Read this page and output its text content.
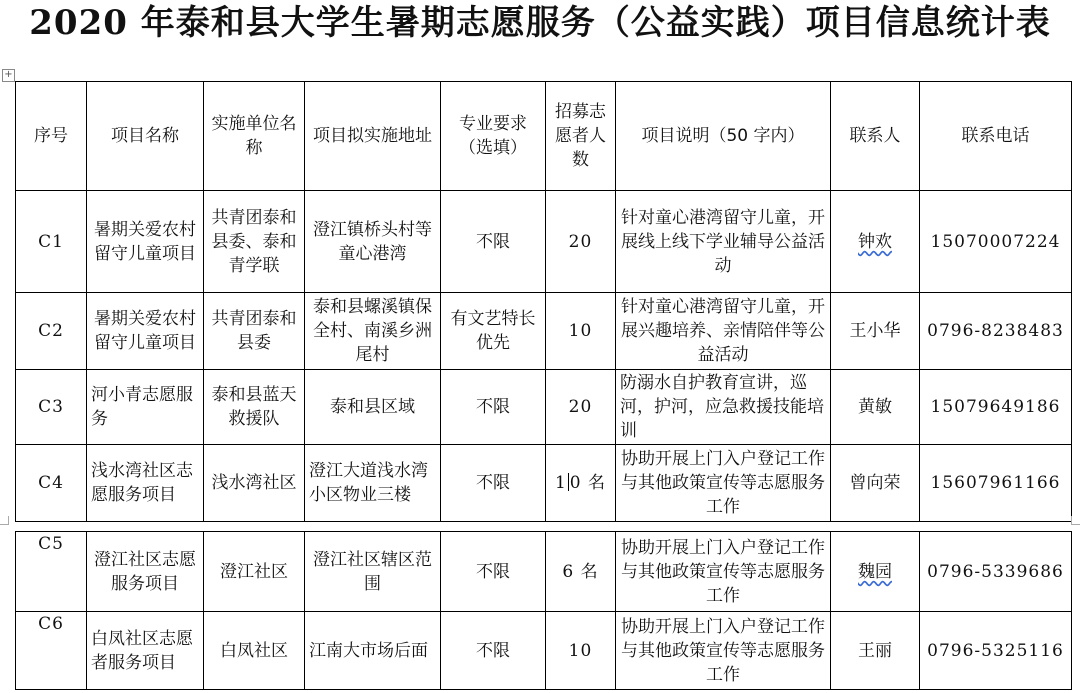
2020 年泰和县大学生暑期志愿服务（公益实践）项目信息统计表
+
序号	项目名称	实施单位名称	项目拟实施地址	专业要求（选填）	招募志愿者人数	项目说明（50 字内）	联系人	联系电话
C1	暑期关爱农村留守儿童项目	共青团泰和县委、泰和青学联	澄江镇桥头村等童心港湾	不限	20	针对童心港湾留守儿童，开展线上线下学业辅导公益活动	钟欢	15070007224
C2	暑期关爱农村留守儿童项目	共青团泰和县委	泰和县螺溪镇保全村、南溪乡洲尾村	有文艺特长优先	10	针对童心港湾留守儿童，开展兴趣培养、亲情陪伴等公益活动	王小华	0796-8238483
C3	河小青志愿服务	泰和县蓝天救援队	泰和县区域	不限	20	防溺水自护教育宣讲，巡河，护河，应急救援技能培训	黄敏	15079649186
C4	浅水湾社区志愿服务项目	浅水湾社区	澄江大道浅水湾小区物业三楼	不限	1 0 名	协助开展上门入户登记工作与其他政策宣传等志愿服务工作	曾向荣	15607961166

C5	澄江社区志愿服务项目	澄江社区	澄江社区辖区范围	不限	6 名	协助开展上门入户登记工作与其他政策宣传等志愿服务工作	魏园	0796-5339686
C6	白凤社区志愿者服务项目	白凤社区	江南大市场后面	不限	10	协助开展上门入户登记工作与其他政策宣传等志愿服务工作	王丽	0796-5325116
